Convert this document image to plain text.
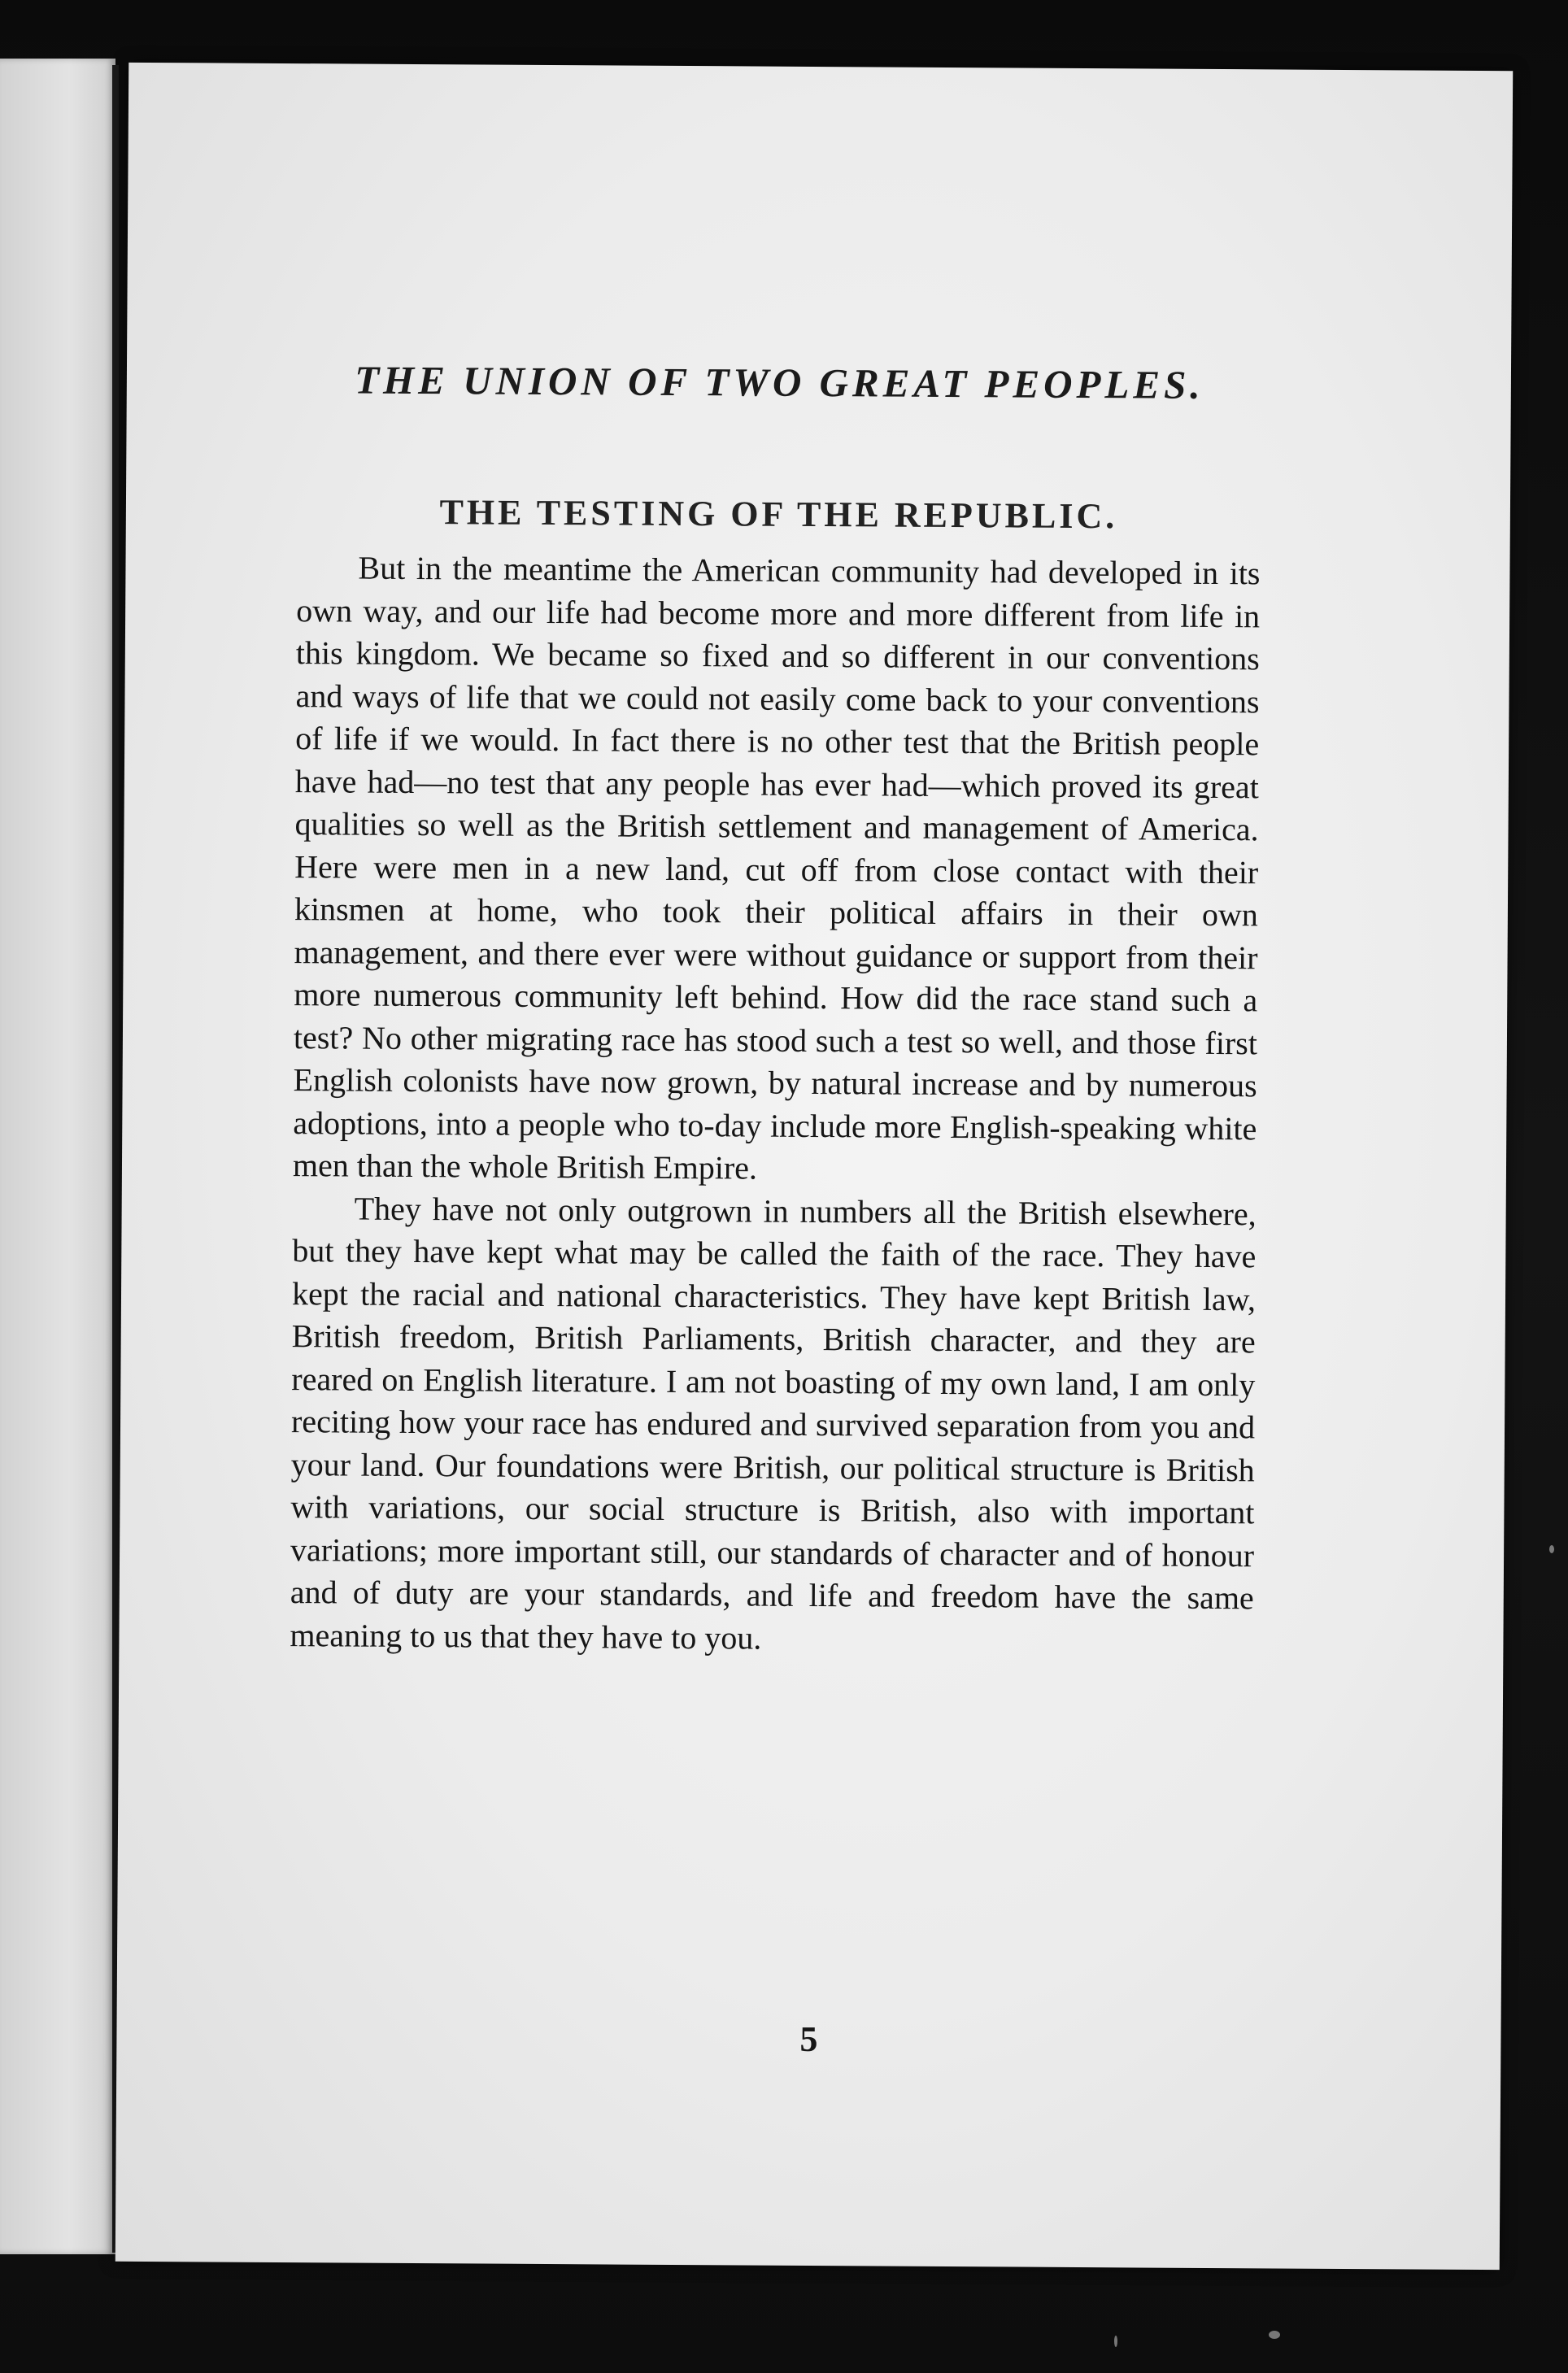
THE UNION OF TWO GREAT PEOPLES.
THE TESTING OF THE REPUBLIC.

But in the meantime the American community had developed in its own way, and our life had become more and more different from life in this kingdom. We became so fixed and so different in our conventions and ways of life that we could not easily come back to your conventions of life if we would. In fact there is no other test that the British people have had—no test that any people has ever had—which proved its great qualities so well as the British settlement and management of America. Here were men in a new land, cut off from close contact with their kinsmen at home, who took their political affairs in their own management, and there ever were without guidance or support from their more numerous community left behind. How did the race stand such a test? No other migrating race has stood such a test so well, and those first English colonists have now grown, by natural increase and by numerous adoptions, into a people who to-day include more English-speaking white men than the whole British Empire.

They have not only outgrown in numbers all the British elsewhere, but they have kept what may be called the faith of the race. They have kept the racial and national characteristics. They have kept British law, British freedom, British Parliaments, British character, and they are reared on English literature. I am not boasting of my own land, I am only reciting how your race has endured and survived separation from you and your land. Our foundations were British, our political structure is British with variations, our social structure is British, also with important variations; more important still, our standards of character and of honour and of duty are your standards, and life and freedom have the same meaning to us that they have to you.

5
